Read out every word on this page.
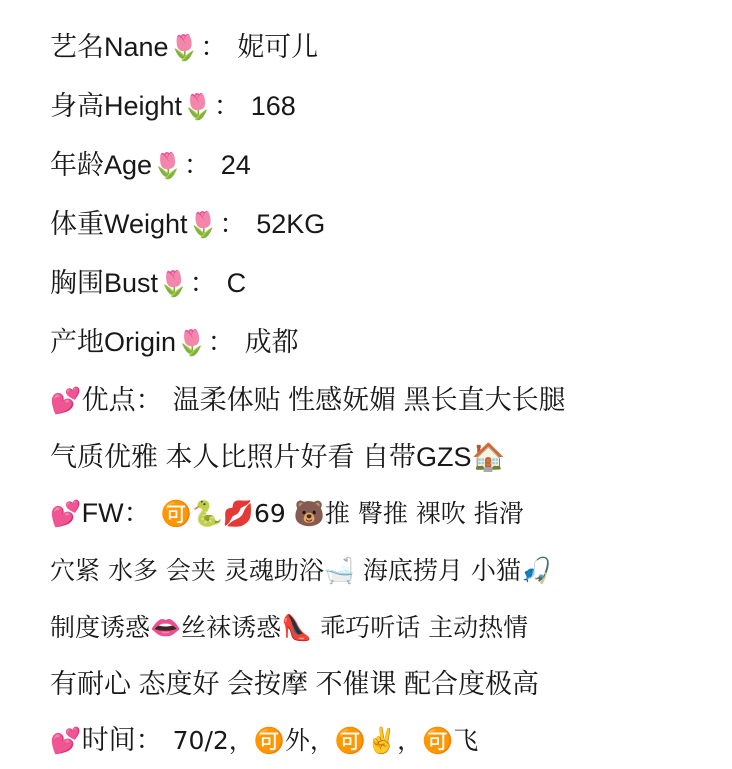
艺名Nane🌷： 妮可儿
身高Height🌷： 168
年龄Age🌷： 24
体重Weight🌷： 52KG
胸围Bust🌷： C
产地Origin🌷： 成都
💕优点： 温柔体贴 性感妩媚 黑长直大长腿
气质优雅 本人比照片好看 自带GZS🏠
💕FW： 🉑🐍💋69 🐻推 臀推 裸吹 指滑
穴紧 水多 会夹 灵魂助浴🛁 海底捞月 小猫🎣
制度诱惑👄丝袜诱惑👠 乖巧听话 主动热情
有耐心 态度好 会按摩 不催课 配合度极高
💕时间： 70/2，🉑外，🉑✌️，🉑飞
